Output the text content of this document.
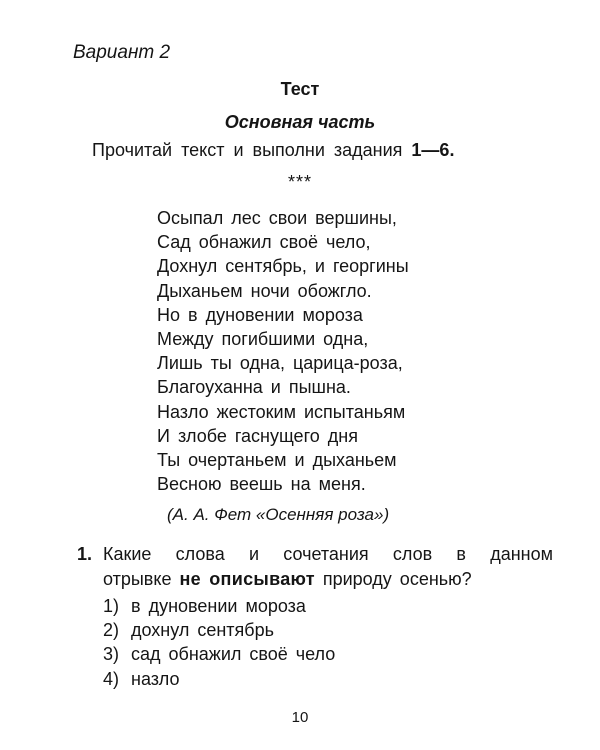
Вариант 2
Тест
Основная часть
Прочитай текст и выполни задания 1—6.
***
Осыпал лес свои вершины,
Сад обнажил своё чело,
Дохнул сентябрь, и георгины
Дыханьем ночи обожгло.
Но в дуновении мороза
Между погибшими одна,
Лишь ты одна, царица-роза,
Благоуханна и пышна.
Назло жестоким испытаньям
И злобе гаснущего дня
Ты очертаньем и дыханьем
Весною веешь на меня.
(А. А. Фет «Осенняя роза»)
1. Какие слова и сочетания слов в данном
отрывке не описывают природу осенью?
1) в дуновении мороза
2) дохнул сентябрь
3) сад обнажил своё чело
4) назло
10
